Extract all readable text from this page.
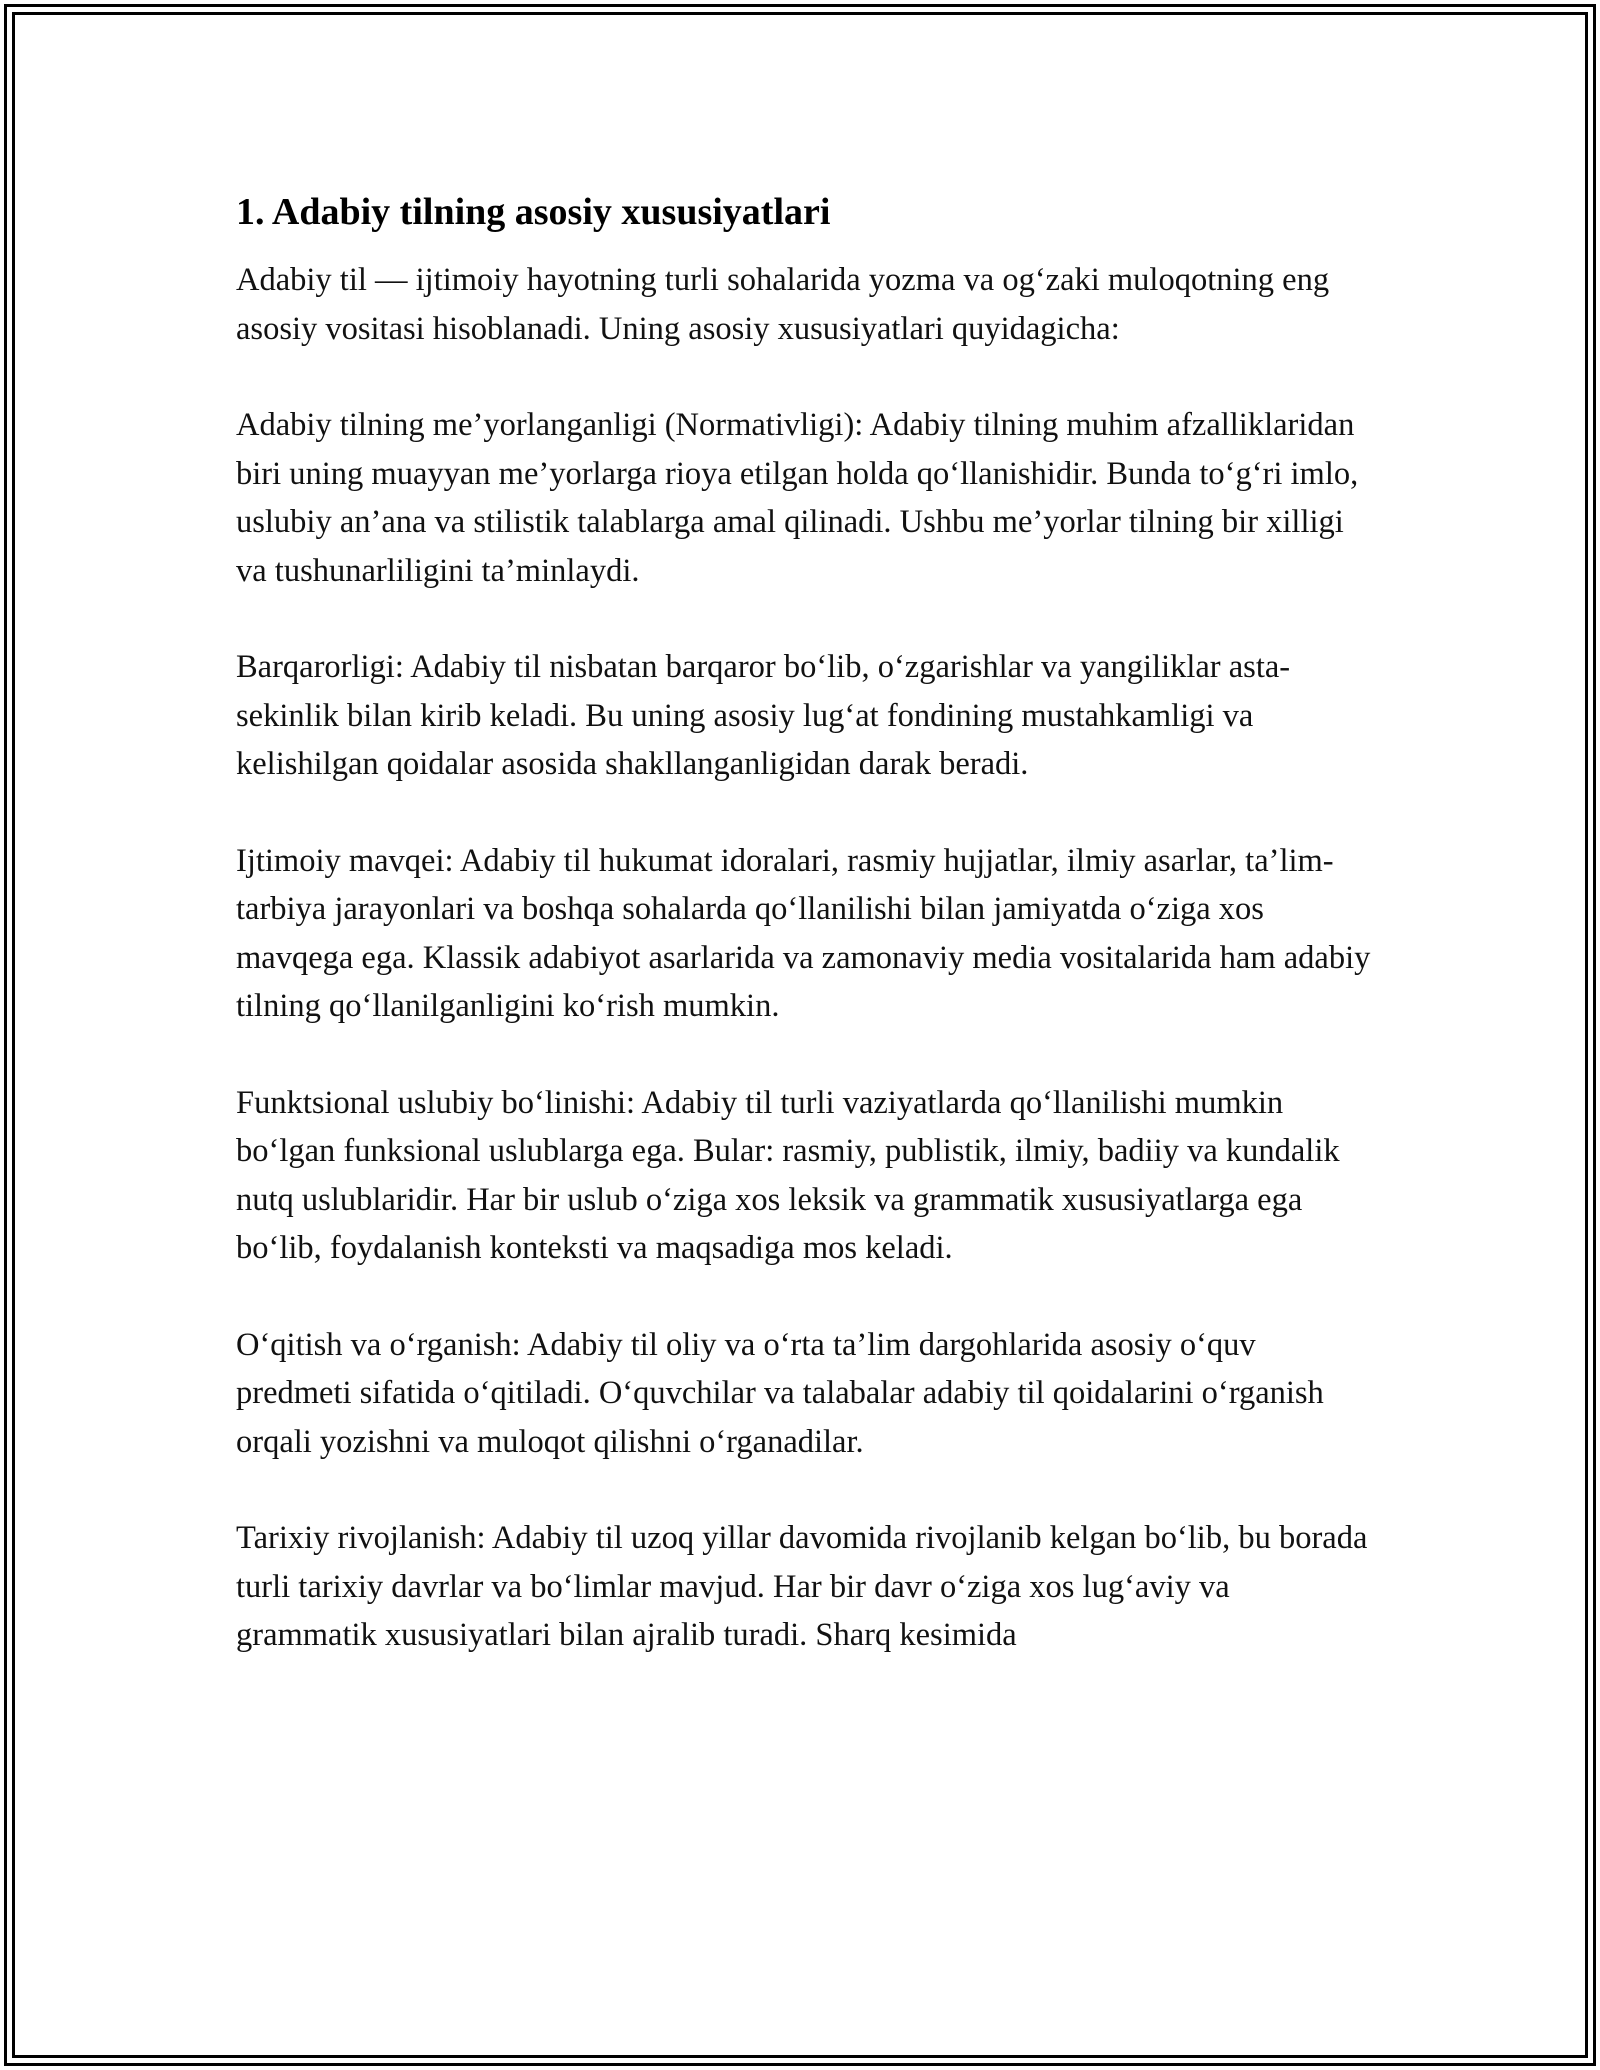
1. Adabiy tilning asosiy xususiyatlari

Adabiy til — ijtimoiy hayotning turli sohalarida yozma va og‘zaki muloqotning eng asosiy vositasi hisoblanadi. Uning asosiy xususiyatlari quyidagicha:

Adabiy tilning me’yorlanganligi (Normativligi): Adabiy tilning muhim afzalliklaridan biri uning muayyan me’yorlarga rioya etilgan holda qo‘llanishidir. Bunda to‘g‘ri imlo, uslubiy an’ana va stilistik talablarga amal qilinadi. Ushbu me’yorlar tilning bir xilligi va tushunarliligini ta’minlaydi.

Barqarorligi: Adabiy til nisbatan barqaror bo‘lib, o‘zgarishlar va yangiliklar asta-sekinlik bilan kirib keladi. Bu uning asosiy lug‘at fondining mustahkamligi va kelishilgan qoidalar asosida shakllanganligidan darak beradi.

Ijtimoiy mavqei: Adabiy til hukumat idoralari, rasmiy hujjatlar, ilmiy asarlar, ta’lim-tarbiya jarayonlari va boshqa sohalarda qo‘llanilishi bilan jamiyatda o‘ziga xos mavqega ega. Klassik adabiyot asarlarida va zamonaviy media vositalarida ham adabiy tilning qo‘llanilganligini ko‘rish mumkin.

Funktsional uslubiy bo‘linishi: Adabiy til turli vaziyatlarda qo‘llanilishi mumkin bo‘lgan funksional uslublarga ega. Bular: rasmiy, publistik, ilmiy, badiiy va kundalik nutq uslublaridir. Har bir uslub o‘ziga xos leksik va grammatik xususiyatlarga ega bo‘lib, foydalanish konteksti va maqsadiga mos keladi.

O‘qitish va o‘rganish: Adabiy til oliy va o‘rta ta’lim dargohlarida asosiy o‘quv predmeti sifatida o‘qitiladi. O‘quvchilar va talabalar adabiy til qoidalarini o‘rganish orqali yozishni va muloqot qilishni o‘rganadilar.

Tarixiy rivojlanish: Adabiy til uzoq yillar davomida rivojlanib kelgan bo‘lib, bu borada turli tarixiy davrlar va bo‘limlar mavjud. Har bir davr o‘ziga xos lug‘aviy va grammatik xususiyatlari bilan ajralib turadi. Sharq kesimida
